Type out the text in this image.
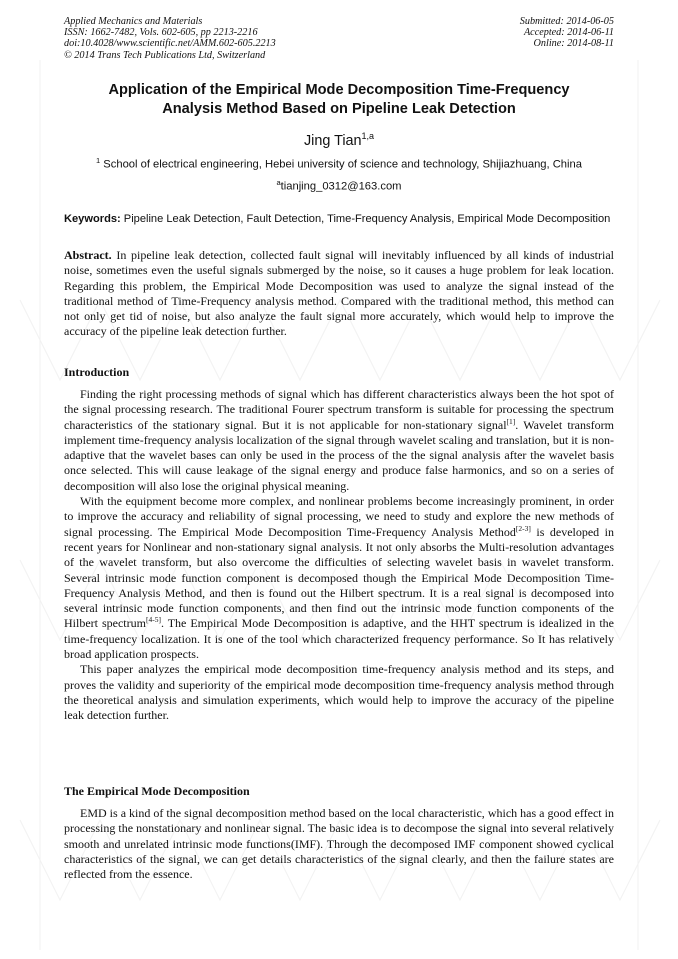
Applied Mechanics and Materials
ISSN: 1662-7482, Vols. 602-605, pp 2213-2216
doi:10.4028/www.scientific.net/AMM.602-605.2213
© 2014 Trans Tech Publications Ltd, Switzerland
Submitted: 2014-06-05
Accepted: 2014-06-11
Online: 2014-08-11
Application of the Empirical Mode Decomposition Time-Frequency
Analysis Method Based on Pipeline Leak Detection
Jing Tian$^{1,a}$
$^1$ School of electrical engineering, Hebei university of science and technology, Shijiazhuang, China
$^a$tianjing_0312@163.com
Keywords: Pipeline Leak Detection, Fault Detection, Time-Frequency Analysis, Empirical Mode Decomposition
Abstract. In pipeline leak detection, collected fault signal will inevitably influenced by all kinds of industrial noise, sometimes even the useful signals submerged by the noise, so it causes a huge problem for leak location. Regarding this problem, the Empirical Mode Decomposition was used to analyze the signal instead of the traditional method of Time-Frequency analysis method. Compared with the traditional method, this method can not only get tid of noise, but also analyze the fault signal more accurately, which would help to improve the accuracy of the pipeline leak detection further.
Introduction

Finding the right processing methods of signal which has different characteristics always been the hot spot of the signal processing research. The traditional Fourer spectrum transform is suitable for processing the spectrum characteristics of the stationary signal. But it is not applicable for non-stationary signal[1]. Wavelet transform implement time-frequency analysis localization of the signal through wavelet scaling and translation, but it is non-adaptive that the wavelet bases can only be used in the process of the the signal analysis after the wavelet basis once selected. This will cause leakage of the signal energy and produce false harmonics, and so on a series of decomposition will also lose the original physical meaning.

With the equipment become more complex, and nonlinear problems become increasingly prominent, in order to improve the accuracy and reliability of signal processing, we need to study and explore the new methods of signal processing. The Empirical Mode Decomposition Time-Frequency Analysis Method[2-3] is developed in recent years for Nonlinear and non-stationary signal analysis. It not only absorbs the Multi-resolution advantages of the wavelet transform, but also overcome the difficulties of selecting wavelet basis in wavelet transform. Several intrinsic mode function component is decomposed though the Empirical Mode Decomposition Time-Frequency Analysis Method, and then is found out the Hilbert spectrum. It is a real signal is decomposed into several intrinsic mode function components, and then find out the intrinsic mode function components of the Hilbert spectrum[4-5]. The Empirical Mode Decomposition is adaptive, and the HHT spectrum is idealized in the time-frequency localization. It is one of the tool which characterized frequency performance. So It has relatively broad application prospects.

This paper analyzes the empirical mode decomposition time-frequency analysis method and its steps, and proves the validity and superiority of the empirical mode decomposition time-frequency analysis method through the theoretical analysis and simulation experiments, which would help to improve the accuracy of the pipeline leak detection further.

The Empirical Mode Decomposition

EMD is a kind of the signal decomposition method based on the local characteristic, which has a good effect in processing the nonstationary and nonlinear signal. The basic idea is to decompose the signal into several relatively smooth and unrelated intrinsic mode functions(IMF). Through the decomposed IMF component showed cyclical characteristics of the signal, we can get details characteristics of the signal clearly, and then the failure states are reflected from the essence.
